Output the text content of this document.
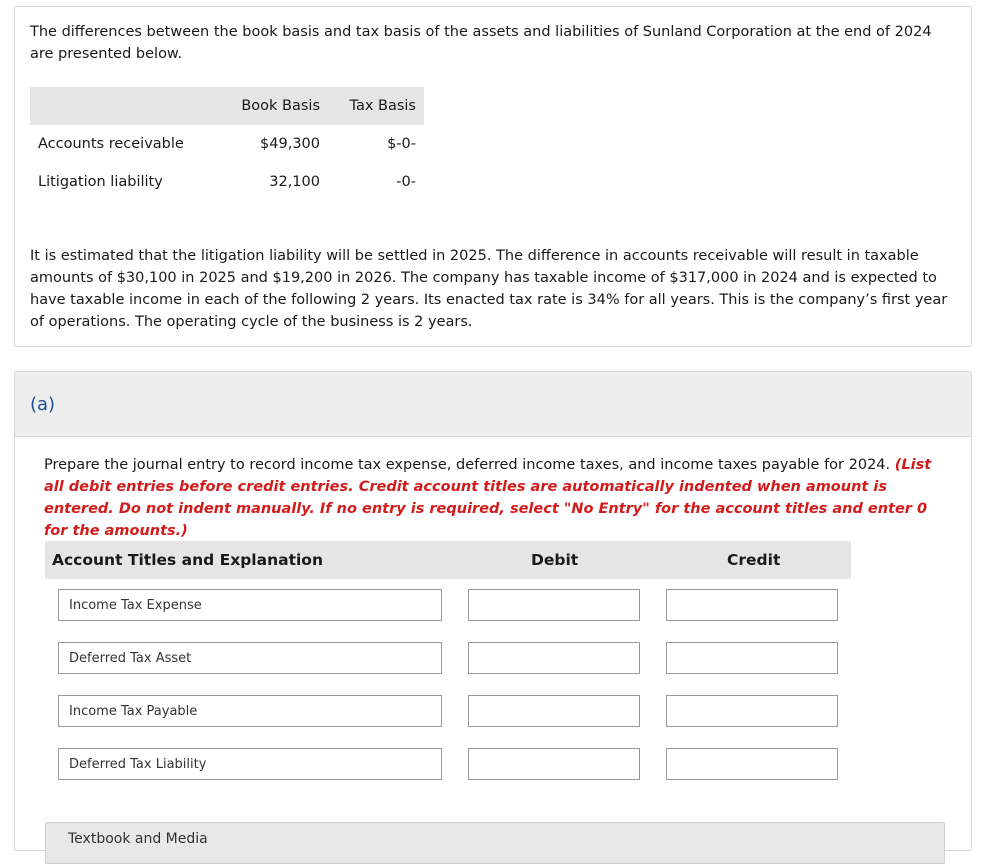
The differences between the book basis and tax basis of the assets and liabilities of Sunland Corporation at the end of 2024 are presented below.

	Book Basis	Tax Basis
Accounts receivable	$49,300	$-0-
Litigation liability	32,100	-0-

It is estimated that the litigation liability will be settled in 2025. The difference in accounts receivable will result in taxable amounts of $30,100 in 2025 and $19,200 in 2026. The company has taxable income of $317,000 in 2024 and is expected to have taxable income in each of the following 2 years. Its enacted tax rate is 34% for all years. This is the company’s first year of operations. The operating cycle of the business is 2 years.

(a)

Prepare the journal entry to record income tax expense, deferred income taxes, and income taxes payable for 2024. (List all debit entries before credit entries. Credit account titles are automatically indented when amount is entered. Do not indent manually. If no entry is required, select "No Entry" for the account titles and enter 0 for the amounts.)

Account Titles and Explanation	Debit	Credit
Income Tax Expense
Deferred Tax Asset
Income Tax Payable
Deferred Tax Liability
Textbook and Media
